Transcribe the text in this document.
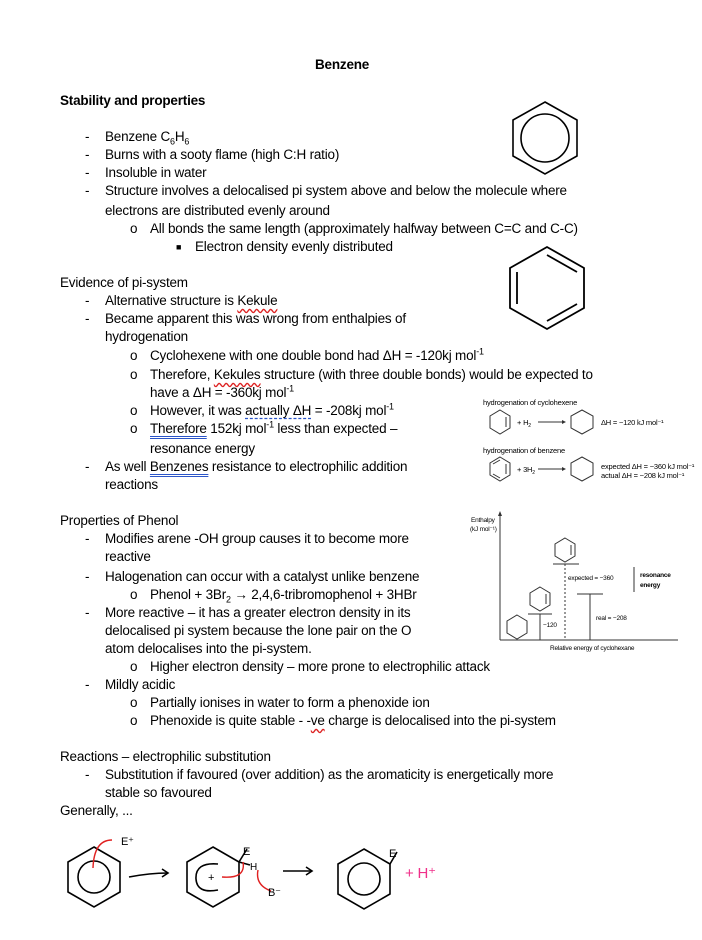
Benzene
Stability and properties
- Benzene $C_6H_6$
- Burns with a sooty flame (high C:H ratio)
- Insoluble in water
- Structure involves a delocalised pi system above and below the molecule where
electrons are distributed evenly around
o All bonds the same length (approximately halfway between C=C and C-C)
■ Electron density evenly distributed
Evidence of pi-system
- Alternative structure is Kekule
- Became apparent this was wrong from enthalpies of
hydrogenation
o Cyclohexene with one double bond had ΔH = -120kj mol$^{-1}$
o Therefore, Kekules structure (with three double bonds) would be expected to
have a ΔH = -360kj mol$^{-1}$
o However, it was actually ΔH = -208kj mol$^{-1}$
o Therefore 152kj mol$^{-1}$ less than expected –
resonance energy
- As well Benzenes resistance to electrophilic addition
reactions
Properties of Phenol
- Modifies arene -OH group causes it to become more
reactive
- Halogenation can occur with a catalyst unlike benzene
o Phenol + $3Br_2$ → 2,4,6-tribromophenol + 3HBr
- More reactive – it has a greater electron density in its
delocalised pi system because the lone pair on the O
atom delocalises into the pi-system.
o Higher electron density – more prone to electrophilic attack
- Mildly acidic
o Partially ionises in water to form a phenoxide ion
o Phenoxide is quite stable - -ve charge is delocalised into the pi-system
Reactions – electrophilic substitution
- Substitution if favoured (over addition) as the aromaticity is energetically more
stable so favoured
Generally, ...
hydrogenation of cyclohexene
+ $H_2$	ΔH = −120 kJ mol⁻¹
hydrogenation of benzene
+ $3H_2$
expected ΔH = −360 kJ mol⁻¹
actual ΔH = −208 kJ mol⁻¹
Enthalpy
(kJ mol⁻¹)
Relative energy of cyclohexane
−120
expected = −360
real = −208
resonance
energy
E⁺
+
E
H
B⁻
E
+ H⁺
